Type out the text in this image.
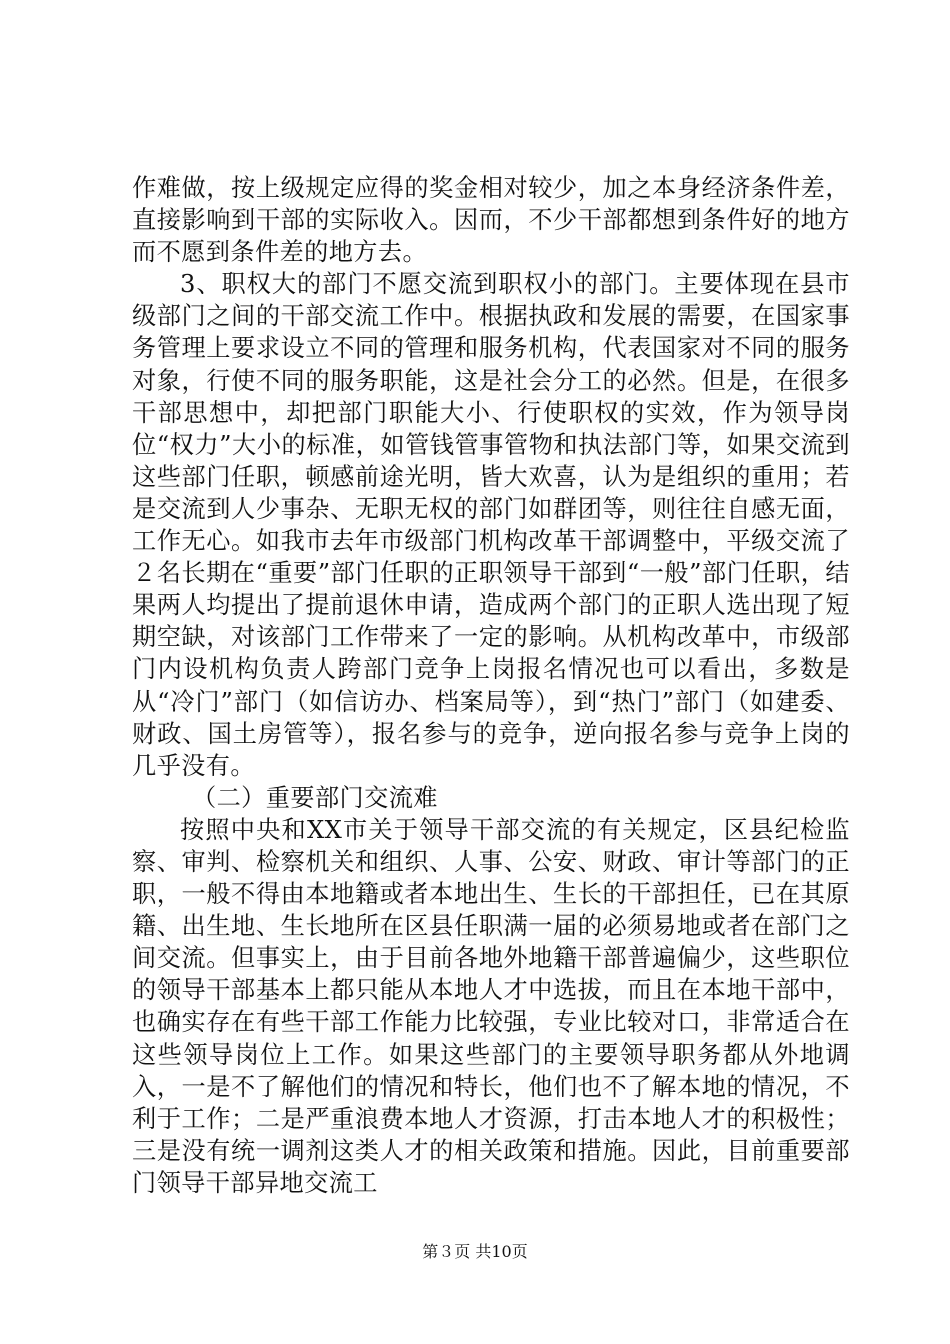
作难做，按上级规定应得的奖金相对较少，加之本身经济条件差，直接影响到干部的实际收入。因而，不少干部都想到条件好的地方而不愿到条件差的地方去。

3、职权大的部门不愿交流到职权小的部门。主要体现在县市级部门之间的干部交流工作中。根据执政和发展的需要，在国家事务管理上要求设立不同的管理和服务机构，代表国家对不同的服务对象，行使不同的服务职能，这是社会分工的必然。但是，在很多干部思想中，却把部门职能大小、行使职权的实效，作为领导岗位“权力”大小的标准，如管钱管事管物和执法部门等，如果交流到这些部门任职，顿感前途光明，皆大欢喜，认为是组织的重用；若是交流到人少事杂、无职无权的部门如群团等，则往往自感无面，工作无心。如我市去年市级部门机构改革干部调整中，平级交流了２名长期在“重要”部门任职的正职领导干部到“一般”部门任职，结果两人均提出了提前退休申请，造成两个部门的正职人选出现了短期空缺，对该部门工作带来了一定的影响。从机构改革中，市级部门内设机构负责人跨部门竞争上岗报名情况也可以看出，多数是从“冷门”部门（如信访办、档案局等），到“热门”部门（如建委、财政、国土房管等），报名参与的竞争，逆向报名参与竞争上岗的几乎没有。

（二）重要部门交流难

按照中央和XX市关于领导干部交流的有关规定，区县纪检监察、审判、检察机关和组织、人事、公安、财政、审计等部门的正职，一般不得由本地籍或者本地出生、生长的干部担任，已在其原籍、出生地、生长地所在区县任职满一届的必须易地或者在部门之间交流。但事实上，由于目前各地外地籍干部普遍偏少，这些职位的领导干部基本上都只能从本地人才中选拔，而且在本地干部中，也确实存在有些干部工作能力比较强，专业比较对口，非常适合在这些领导岗位上工作。如果这些部门的主要领导职务都从外地调入，一是不了解他们的情况和特长，他们也不了解本地的情况，不利于工作；二是严重浪费本地人才资源，打击本地人才的积极性；三是没有统一调剂这类人才的相关政策和措施。因此，目前重要部门领导干部异地交流工

第３页 共10页
